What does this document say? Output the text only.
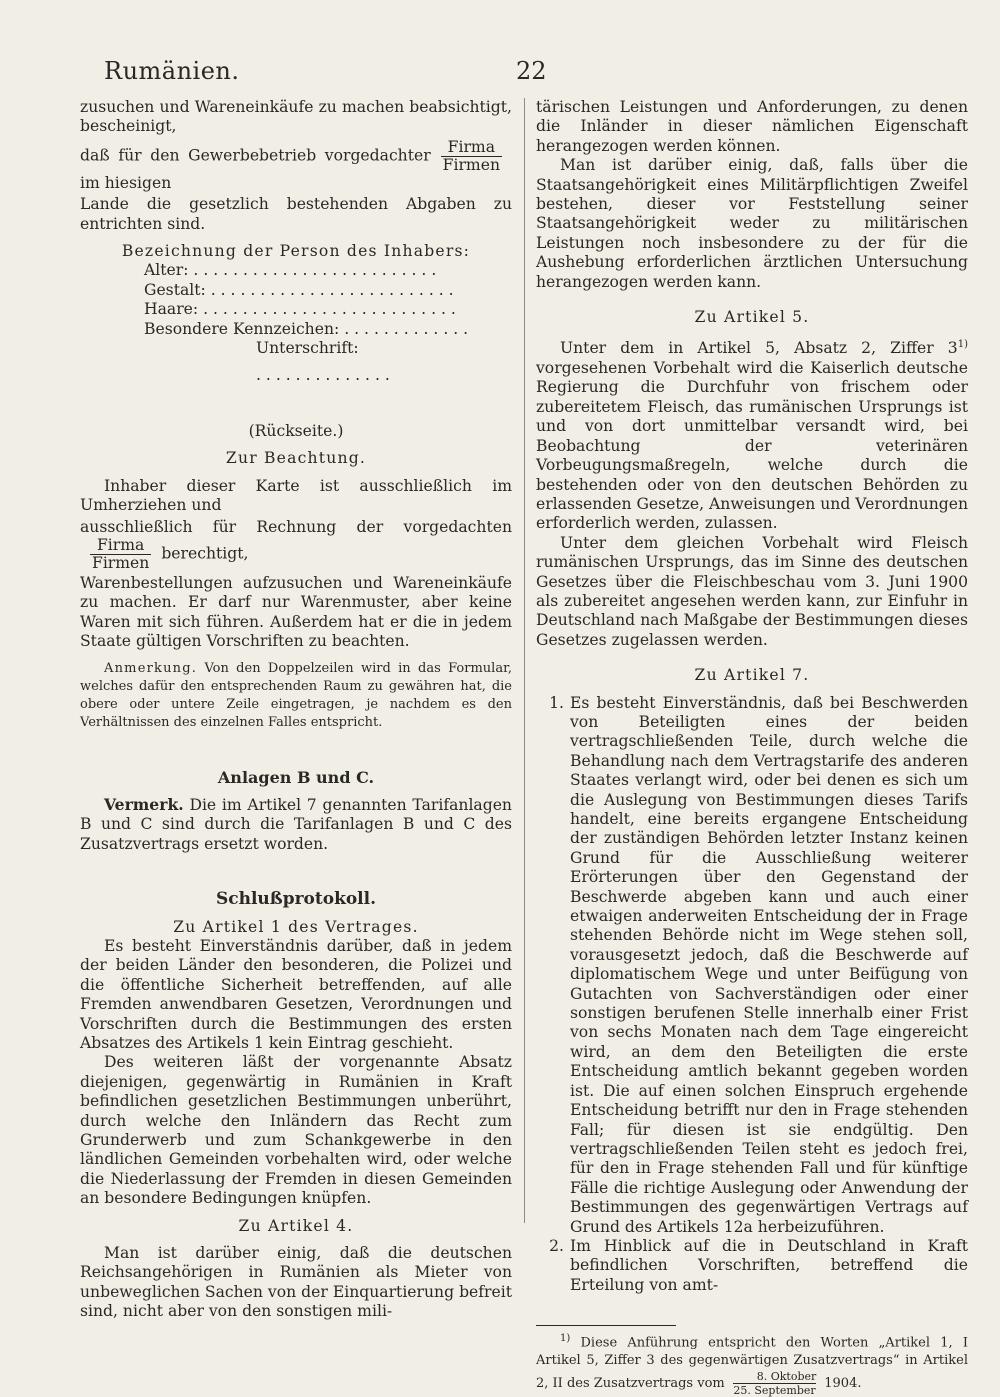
Rumänien.	22

zusuchen und Wareneinkäufe zu machen beabsichtigt, bescheinigt,

daß für den Gewerbebetrieb vorgedachter $\frac{\text{Firma}}{\text{Firmen}}$
im hiesigen

Lande die gesetzlich bestehenden Abgaben zu entrichten sind.

Bezeichnung der Person des Inhabers:

Alter: . . . . . . . . . . . . . . . . . . . . . . . . .

Gestalt: . . . . . . . . . . . . . . . . . . . . . . . . .

Haare: . . . . . . . . . . . . . . . . . . . . . . . . . .

Besondere Kennzeichen: . . . . . . . . . . . . .

Unterschrift:

. . . . . . . . . . . . . .

(Rückseite.)

Zur Beachtung.

Inhaber dieser Karte ist ausschließlich im Umherziehen und

ausschließlich für Rechnung der vorgedachten
$\frac{\text{Firma}}{\text{Firmen}}$ berechtigt,

Warenbestellungen aufzusuchen und Wareneinkäufe zu machen. Er darf nur Warenmuster, aber keine Waren mit sich führen. Außerdem hat er die in jedem Staate gültigen Vorschriften zu beachten.

Anmerkung. Von den Doppelzeilen wird in das Formular, welches dafür den entsprechenden Raum zu gewähren hat, die obere oder untere Zeile eingetragen, je nachdem es den Verhältnissen des einzelnen Falles entspricht.

Anlagen B und C.

Vermerk. Die im Artikel 7 genannten Tarifanlagen B und C sind durch die Tarifanlagen B und C des Zusatzvertrags ersetzt worden.

Schlußprotokoll.

Zu Artikel 1 des Vertrages.

Es besteht Einverständnis darüber, daß in jedem der beiden Länder den besonderen, die Polizei und die öffentliche Sicherheit betreffenden, auf alle Fremden anwendbaren Gesetzen, Verordnungen und Vorschriften durch die Bestimmungen des ersten Absatzes des Artikels 1 kein Eintrag geschieht.

Des weiteren läßt der vorgenannte Absatz diejenigen, gegenwärtig in Rumänien in Kraft befindlichen gesetzlichen Bestimmungen unberührt, durch welche den Inländern das Recht zum Grunderwerb und zum Schankgewerbe in den ländlichen Gemeinden vorbehalten wird, oder welche die Niederlassung der Fremden in diesen Gemeinden an besondere Bedingungen knüpfen.

Zu Artikel 4.

Man ist darüber einig, daß die deutschen Reichsangehörigen in Rumänien als Mieter von unbeweglichen Sachen von der Einquartierung befreit sind, nicht aber von den sonstigen mili-

tärischen Leistungen und Anforderungen, zu denen die Inländer in dieser nämlichen Eigenschaft herangezogen werden können.

Man ist darüber einig, daß, falls über die Staatsangehörigkeit eines Militärpflichtigen Zweifel bestehen, dieser vor Feststellung seiner Staatsangehörigkeit weder zu militärischen Leistungen noch insbesondere zu der für die Aushebung erforderlichen ärztlichen Untersuchung herangezogen werden kann.

Zu Artikel 5.

Unter dem in Artikel 5, Absatz 2, Ziffer 3$^{1)}$ vorgesehenen Vorbehalt wird die Kaiserlich deutsche Regierung die Durchfuhr von frischem oder zubereitetem Fleisch, das rumänischen Ursprungs ist und von dort unmittelbar versandt wird, bei Beobachtung der veterinären Vorbeugungsmaßregeln, welche durch die bestehenden oder von den deutschen Behörden zu erlassenden Gesetze, Anweisungen und Verordnungen erforderlich werden, zulassen.

Unter dem gleichen Vorbehalt wird Fleisch rumänischen Ursprungs, das im Sinne des deutschen Gesetzes über die Fleischbeschau vom 3. Juni 1900 als zubereitet angesehen werden kann, zur Einfuhr in Deutschland nach Maßgabe der Bestimmungen dieses Gesetzes zugelassen werden.

Zu Artikel 7.

1. Es besteht Einverständnis, daß bei Beschwerden von Beteiligten eines der beiden vertragschließenden Teile, durch welche die Behandlung nach dem Vertragstarife des anderen Staates verlangt wird, oder bei denen es sich um die Auslegung von Bestimmungen dieses Tarifs handelt, eine bereits ergangene Entscheidung der zuständigen Behörden letzter Instanz keinen Grund für die Ausschließung weiterer Erörterungen über den Gegenstand der Beschwerde abgeben kann und auch einer etwaigen anderweiten Entscheidung der in Frage stehenden Behörde nicht im Wege stehen soll, vorausgesetzt jedoch, daß die Beschwerde auf diplomatischem Wege und unter Beifügung von Gutachten von Sachverständigen oder einer sonstigen berufenen Stelle innerhalb einer Frist von sechs Monaten nach dem Tage eingereicht wird, an dem den Beteiligten die erste Entscheidung amtlich bekannt gegeben worden ist. Die auf einen solchen Einspruch ergehende Entscheidung betrifft nur den in Frage stehenden Fall; für diesen ist sie endgültig. Den vertragschließenden Teilen steht es jedoch frei, für den in Frage stehenden Fall und für künftige Fälle die richtige Auslegung oder Anwendung der Bestimmungen des gegenwärtigen Vertrags auf Grund des Artikels 12a herbeizuführen.
2. Im Hinblick auf die in Deutschland in Kraft befindlichen Vorschriften, betreffend die Erteilung von amt-

$^{1)}$ Diese Anführung entspricht den Worten „Artikel 1, I Artikel 5, Ziffer 3 des gegenwärtigen Zusatzvertrags“ in Artikel 2, II des Zusatzvertrags vom $\frac{\text{8. Oktober}}{\text{25. September}} 1904$.
